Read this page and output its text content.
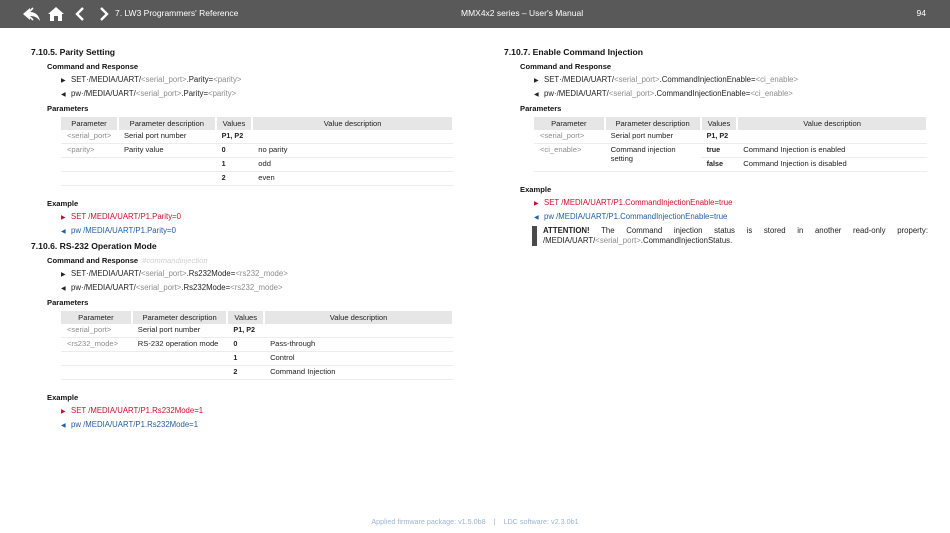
7. LW3 Programmers' Reference	MMX4x2 series – User's Manual	94
7.10.5. Parity Setting
Command and Response
▶ SET·/MEDIA/UART/<serial_port>.Parity=<parity>
◀ pw·/MEDIA/UART/<serial_port>.Parity=<parity>
Parameters
Parameter	Parameter description	Values	Value description
<serial_port>	Serial port number	P1, P2	
<parity>	Parity value	0	no parity
		1	odd
		2	even
Example
▶ SET /MEDIA/UART/P1.Parity=0
◀ pw /MEDIA/UART/P1.Parity=0
7.10.6. RS-232 Operation Mode
Command and Response #commandinjection
▶ SET·/MEDIA/UART/<serial_port>.Rs232Mode=<rs232_mode>
◀ pw·/MEDIA/UART/<serial_port>.Rs232Mode=<rs232_mode>
Parameters
Parameter	Parameter description	Values	Value description
<serial_port>	Serial port number	P1, P2	
<rs232_mode>	RS-232 operation mode	0	Pass-through
		1	Control
		2	Command Injection
Example
▶ SET /MEDIA/UART/P1.Rs232Mode=1
◀ pw /MEDIA/UART/P1.Rs232Mode=1
7.10.7. Enable Command Injection
Command and Response
▶ SET·/MEDIA/UART/<serial_port>.CommandInjectionEnable=<ci_enable>
◀ pw·/MEDIA/UART/<serial_port>.CommandInjectionEnable=<ci_enable>
Parameters
Parameter	Parameter description	Values	Value description
<serial_port>	Serial port number	P1, P2	
<ci_enable>	Command injection setting	true	Command Injection is enabled
		false	Command Injection is disabled
Example
▶ SET /MEDIA/UART/P1.CommandInjectionEnable=true
◀ pw /MEDIA/UART/P1.CommandInjectionEnable=true
ATTENTION! The Command injection status is stored in another read-only property: /MEDIA/UART/<serial_port>.CommandInjectionStatus.
Applied firmware package: v1.5.0b8    |    LDC software: v2.3.0b1
